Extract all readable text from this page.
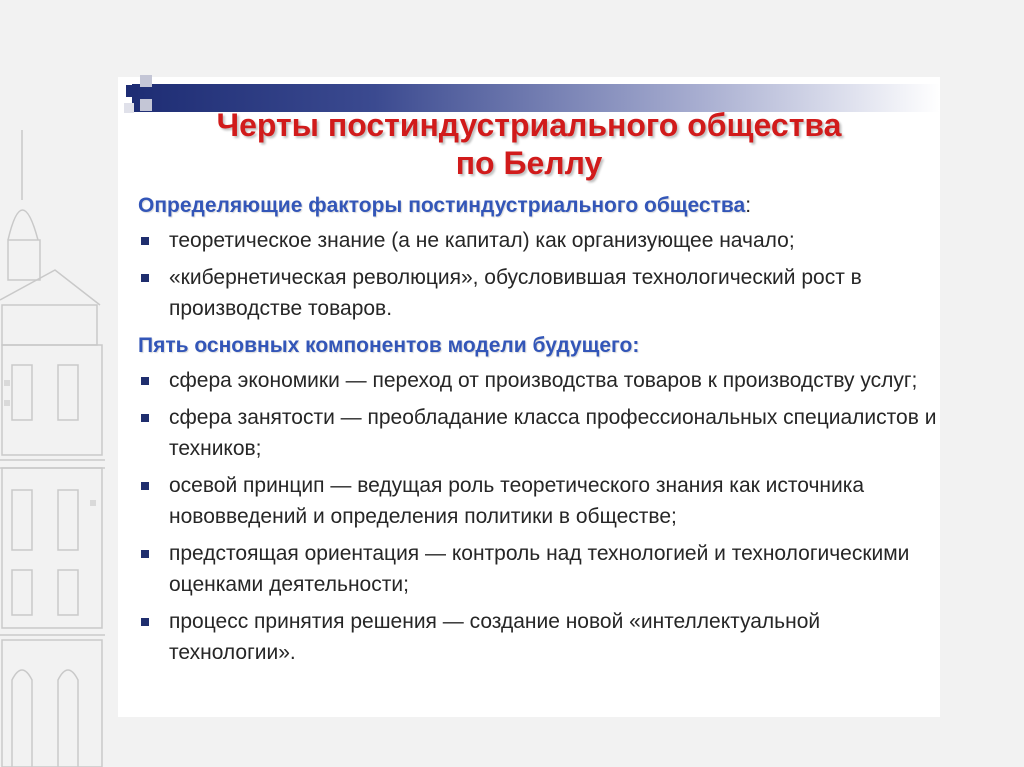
Черты постиндустриального общества
по Беллу

Определяющие факторы постиндустриального общества:

теоретическое знание (а не капитал) как организующее начало;
«кибернетическая революция», обусловившая технологический рост в производстве товаров.

Пять основных компонентов модели будущего:

сфера экономики — переход от производства товаров к производству услуг;
сфера занятости — преобладание класса профессиональных специалистов и техников;
осевой принцип — ведущая роль теоретического знания как источника нововведений и определения политики в обществе;
предстоящая ориентация — контроль над технологией и технологическими оценками деятельности;
процесс принятия решения — создание новой «интеллектуальной технологии».
